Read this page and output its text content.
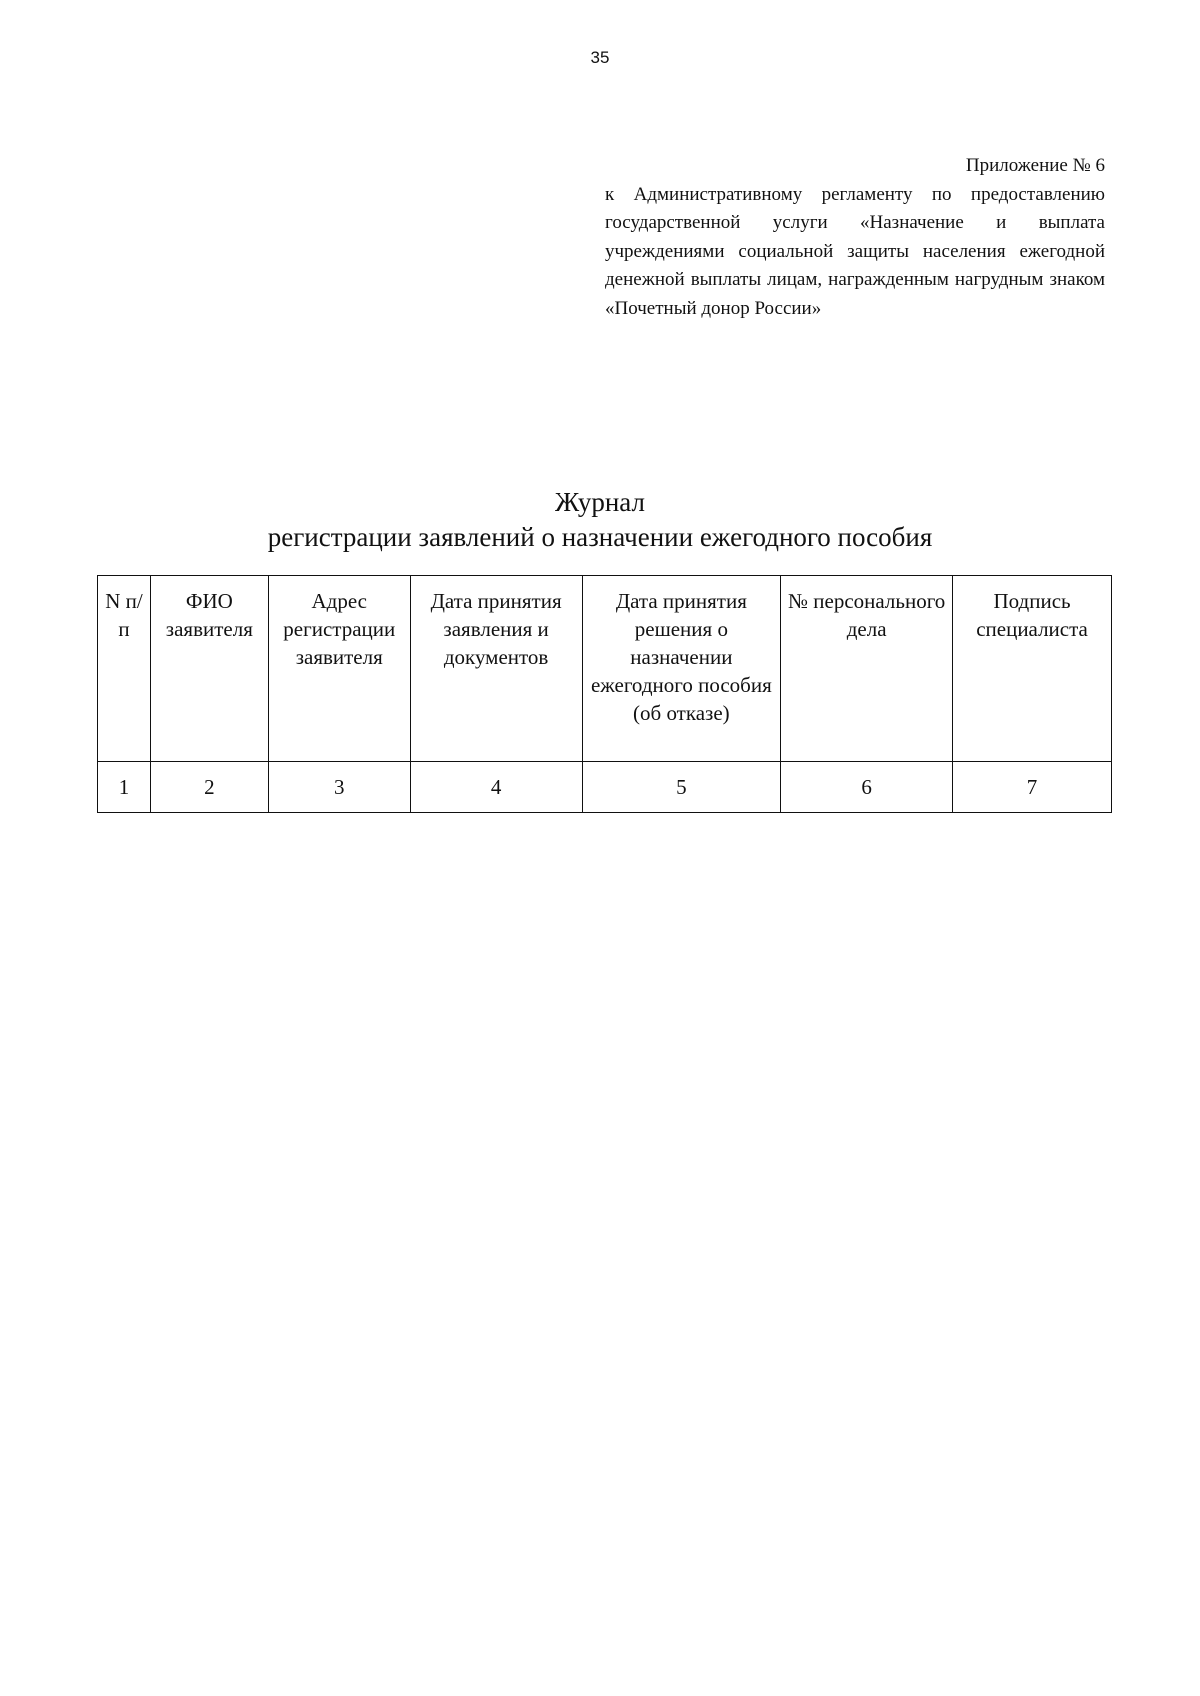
35
Приложение № 6
к Административному регламенту по предоставлению государственной услуги «Назначение и выплата учреждениями социальной защиты населения ежегодной денежной выплаты лицам, награжденным нагрудным знаком «Почетный донор России»
Журнал
регистрации заявлений о назначении ежегодного пособия
N п/п	ФИО заявителя	Адрес регистрации заявителя	Дата принятия заявления и документов	Дата принятия решения о назначении ежегодного пособия (об отказе)	№ персонального дела	Подпись специалиста
1	2	3	4	5	6	7
